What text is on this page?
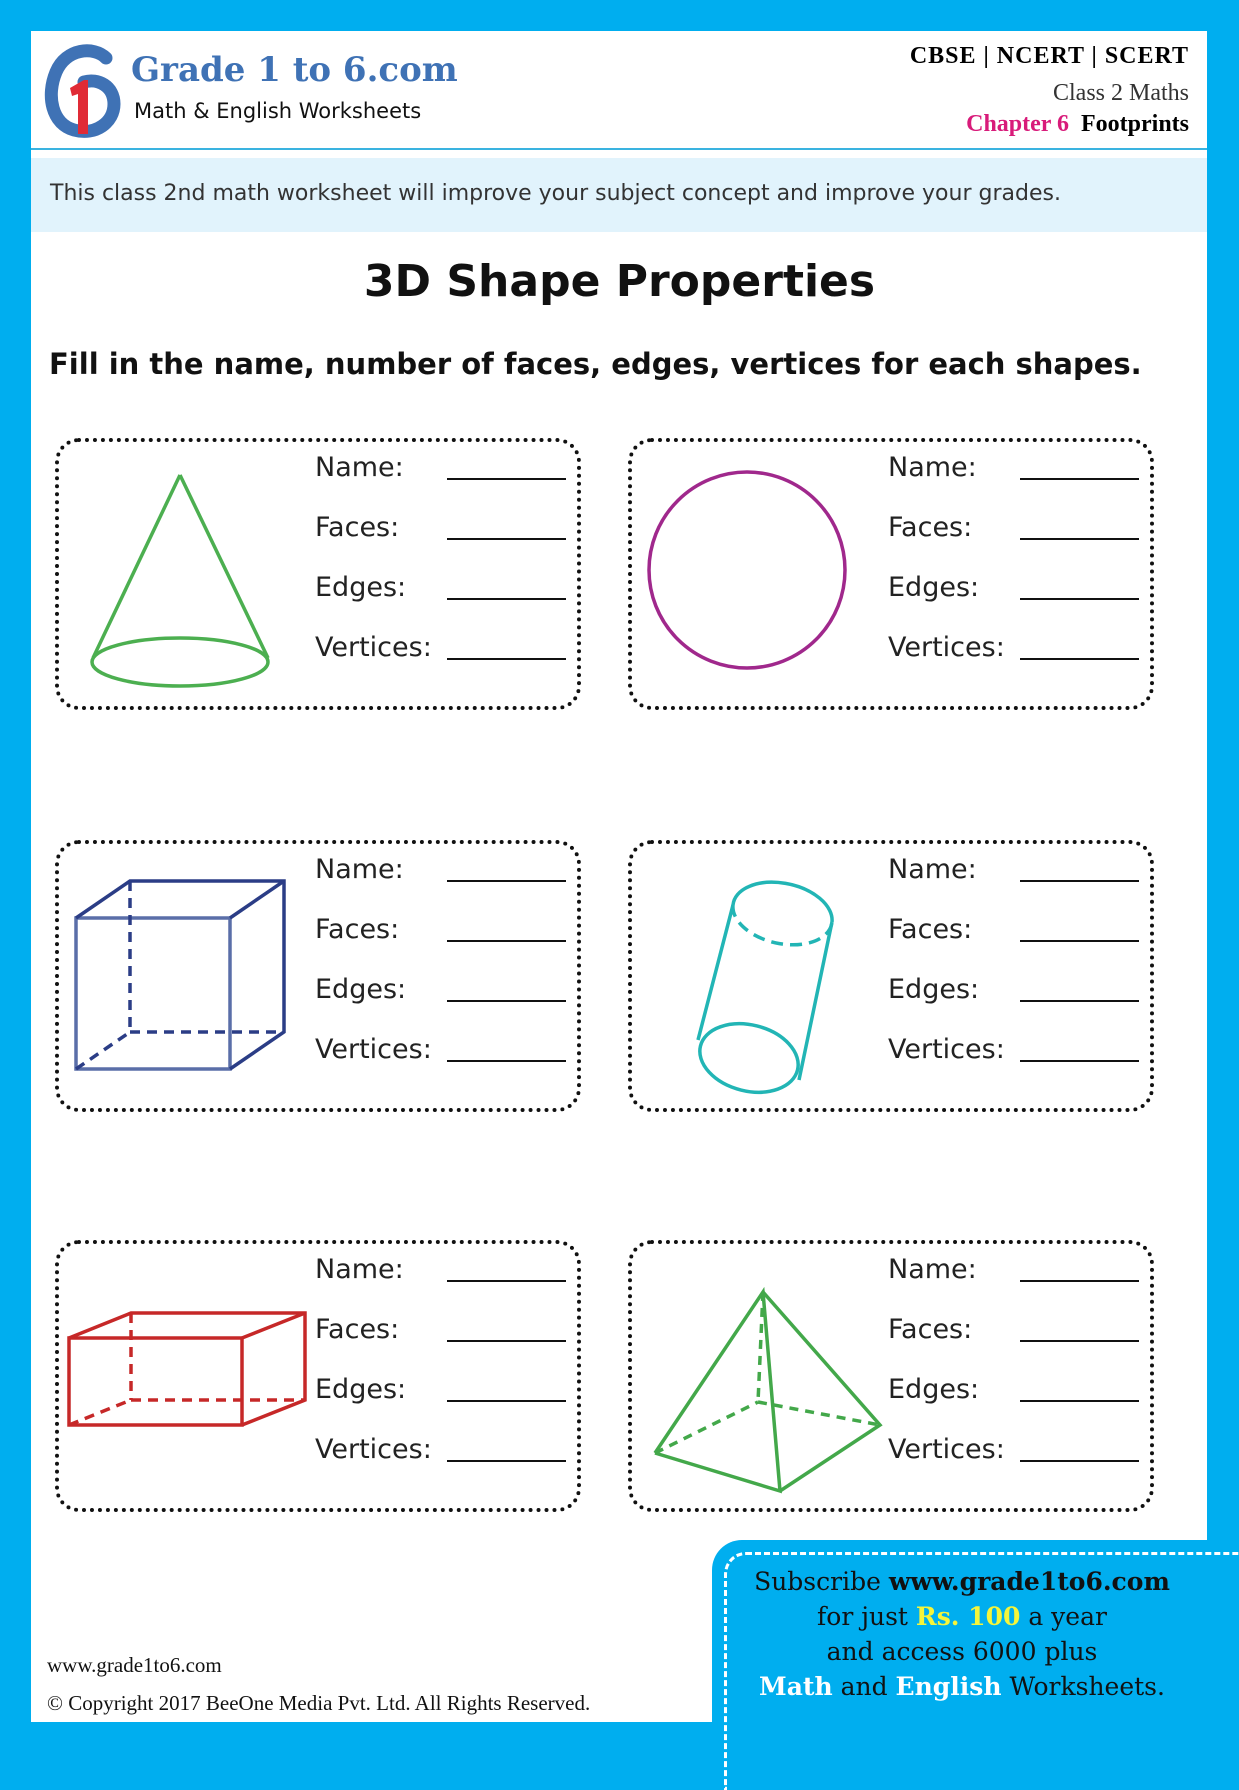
Grade 1 to 6.com
Math & English Worksheets
CBSE | NCERT | SCERT
Class 2 Maths
Chapter 6 Footprints
This class 2nd math worksheet will improve your subject concept and improve your grades.
3D Shape Properties
Fill in the name, number of faces, edges, vertices for each shapes.
Name:
Faces:
Edges:
Vertices:
Name:
Faces:
Edges:
Vertices:
Name:
Faces:
Edges:
Vertices:
Name:
Faces:
Edges:
Vertices:
Name:
Faces:
Edges:
Vertices:
Name:
Faces:
Edges:
Vertices:
www.grade1to6.com
© Copyright 2017 BeeOne Media Pvt. Ltd. All Rights Reserved.
Subscribe www.grade1to6.com
for just Rs. 100 a year
and access 6000 plus
Math and English Worksheets.
